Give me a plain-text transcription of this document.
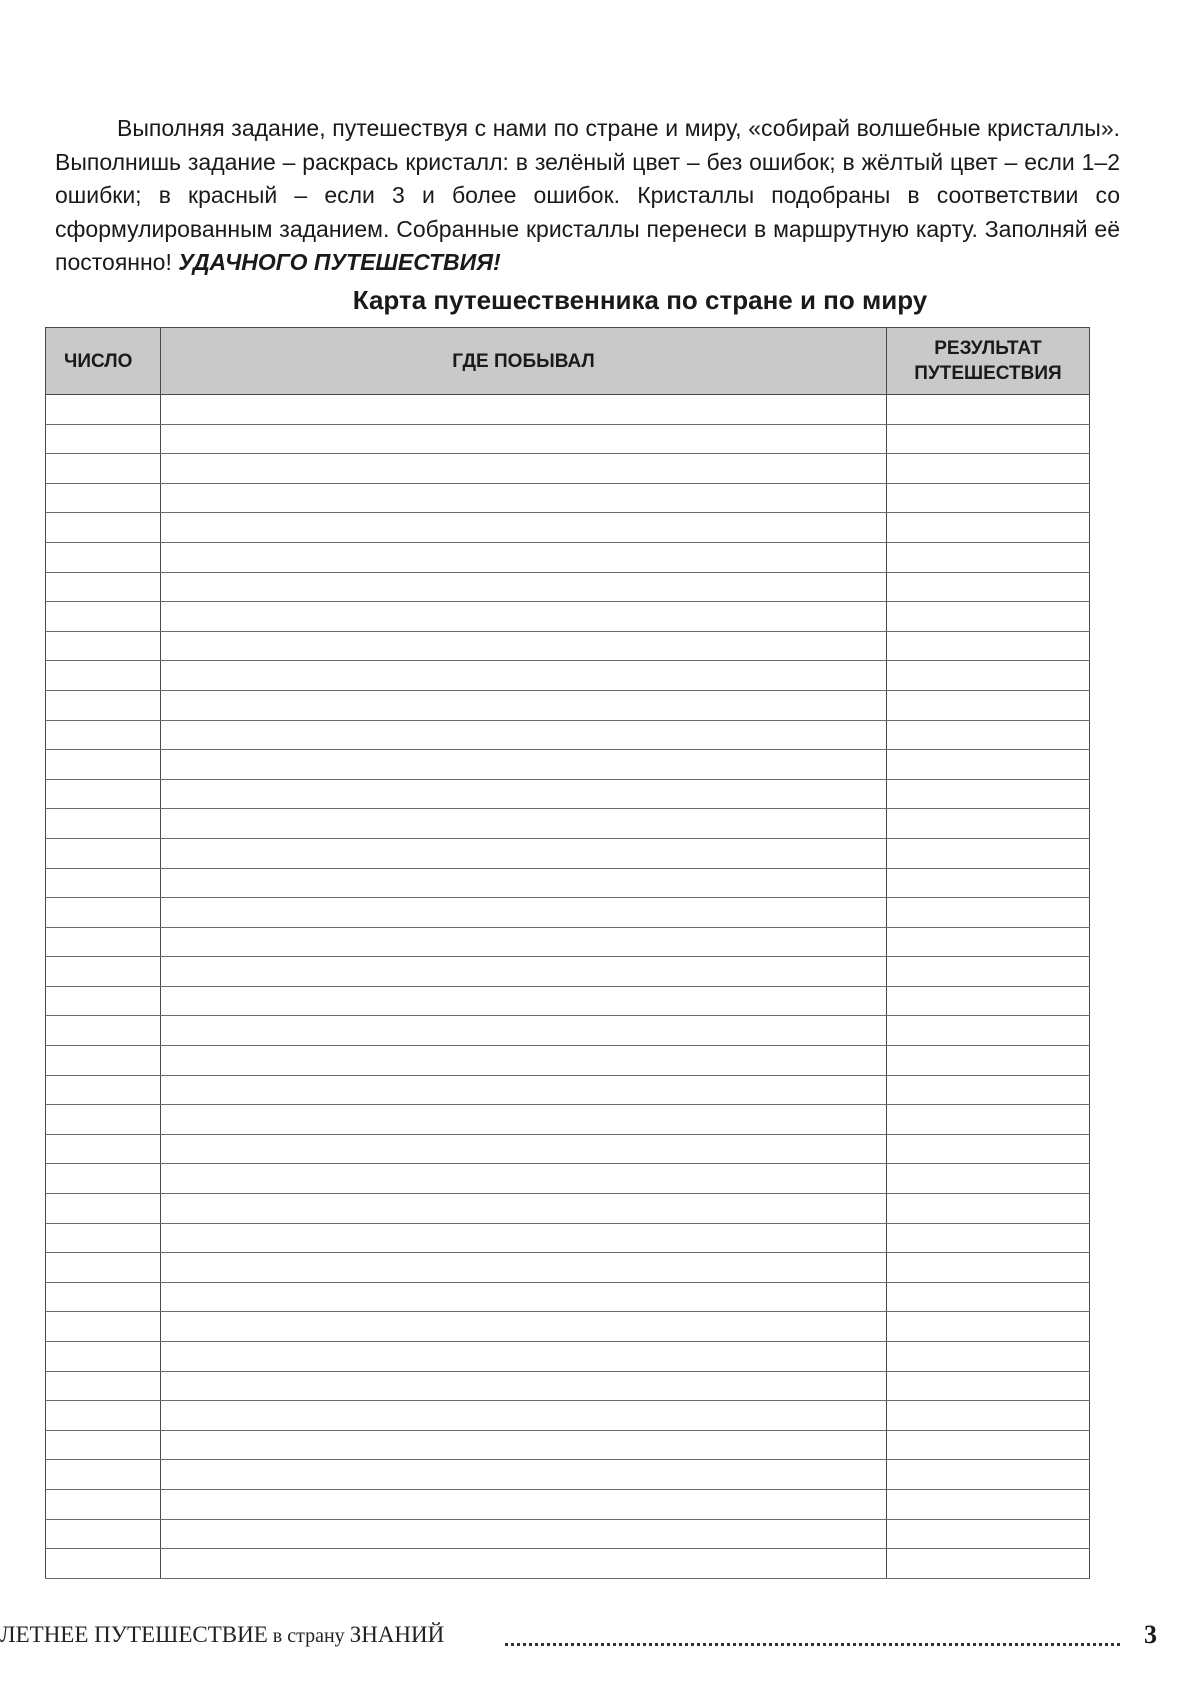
Выполняя задание, путешествуя с нами по стране и миру, «собирай волшебные кристаллы». Выполнишь задание – раскрась кристалл: в зелёный цвет – без ошибок; в жёлтый цвет – если 1–2 ошибки; в красный – если 3 и более ошибок. Кристаллы подобраны в соответствии со сформулированным заданием. Собранные кристаллы перенеси в маршрутную карту. Заполняй её постоянно! УДАЧНОГО ПУТЕШЕСТВИЯ!

Карта путешественника по стране и по миру
ЧИСЛО	ГДЕ ПОБЫВАЛ	РЕЗУЛЬТАТ ПУТЕШЕСТВИЯ

ЛЕТНЕЕ ПУТЕШЕСТВИЕ в страну ЗНАНИЙ	3
